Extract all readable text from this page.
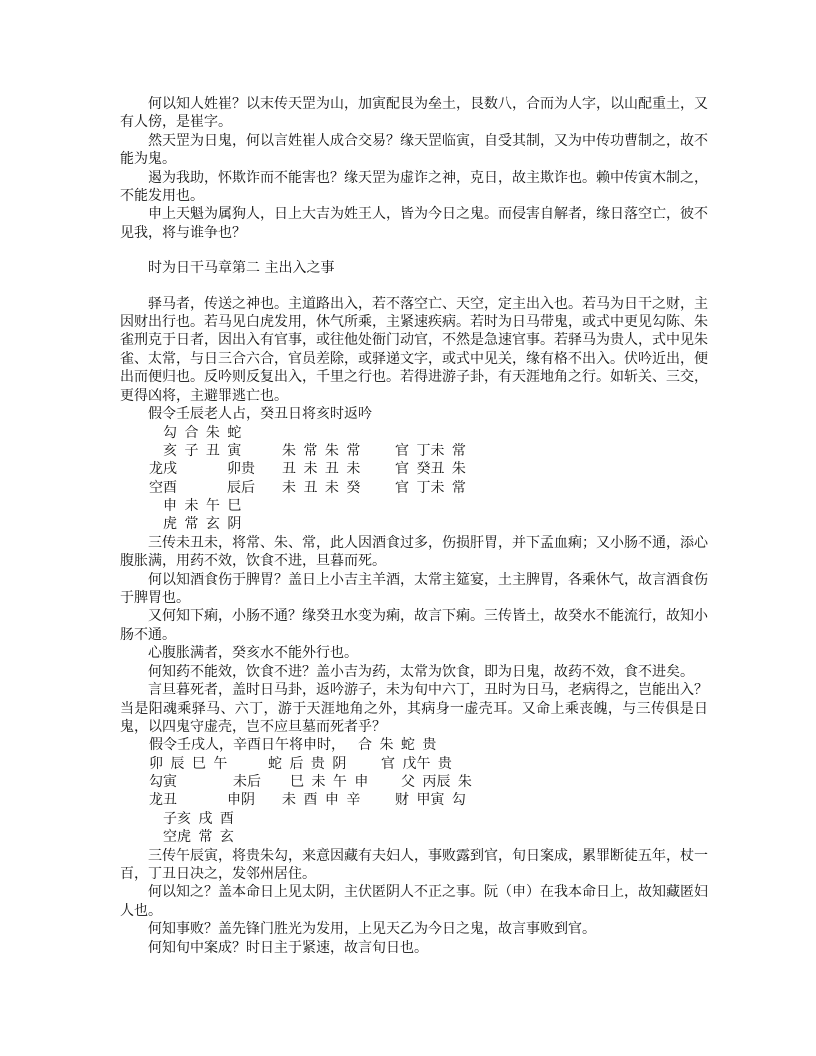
何以知人姓崔？以末传天罡为山，加寅配艮为垒土，艮数八，合而为人字，以山配重土，又有人傍，是崔字。

然天罡为日鬼，何以言姓崔人成合交易？缘天罡临寅，自受其制，又为中传功曹制之，故不能为鬼。

遏为我助，怀欺诈而不能害也？缘天罡为虚诈之神，克日，故主欺诈也。赖中传寅木制之，不能发用也。

申上天魁为属狗人，日上大吉为姓王人，皆为今日之鬼。而侵害自解者，缘日落空亡，彼不见我，将与谁争也？

时为日干马章第二 主出入之事

驿马者，传送之神也。主道路出入，若不落空亡、天空，定主出入也。若马为日干之财，主因财出行也。若马见白虎发用，休气所乘，主紧速疾病。若时为日马带鬼，或式中更见勾陈、朱雀刑克于日者，因出入有官事，或往他处衙门动官，不然是急速官事。若驿马为贵人，式中见朱雀、太常，与日三合六合，官员差除，或驿递文字，或式中见关，缘有格不出入。伏吟近出，便出而便归也。反吟则反复出入，千里之行也。若得进游子卦，有天涯地角之行。如斩关、三交，更得凶将，主避罪逃亡也。

假令壬辰老人占，癸丑日将亥时返吟

勾 合 朱 蛇
亥 子 丑 寅	朱 常 朱 常 官 丁未 常
龙戌	卯贵 丑 未 丑 未 官 癸丑 朱
空酉	辰后 未 丑 未 癸 官 丁未 常
申 未 午 巳
虎 常 玄 阴

三传未丑未，将常、朱、常，此人因酒食过多，伤损肝胃，并下孟血痢；又小肠不通，添心腹胀满，用药不效，饮食不进，旦暮而死。

何以知酒食伤于脾胃？盖日上小吉主羊酒，太常主筵宴，土主脾胃，各乘休气，故言酒食伤于脾胃也。

又何知下痢，小肠不通？缘癸丑水变为痢，故言下痢。三传皆土，故癸水不能流行，故知小肠不通。

心腹胀满者，癸亥水不能外行也。

何知药不能效，饮食不进？盖小吉为药，太常为饮食，即为日鬼，故药不效，食不进矣。

言旦暮死者，盖时日马卦，返吟游子，未为旬中六丁，丑时为日马，老病得之，岂能出入？当是阳魂乘驿马、六丁，游于天涯地角之外，其病身一虚壳耳。又命上乘丧魄，与三传俱是日鬼，以四鬼守虚壳，岂不应旦墓而死者乎？

假令壬戌人，辛酉日午将申时，

合 朱 蛇 贵

卯 辰 巳 午	蛇 后 贵 阴 官 戊午 贵
勾寅	未后 巳 未 午 申 父 丙辰 朱
龙丑	申阴 未 酉 申 辛 财 甲寅 勾
子亥 戌 酉
空虎 常 玄

三传午辰寅，将贵朱勾，来意因藏有夫妇人，事败露到官，旬日案成，累罪断徒五年，杖一百，丁丑日决之，发邻州居住。

何以知之？盖本命日上见太阴，主伏匿阴人不正之事。阮（申）在我本命日上，故知藏匿妇人也。

何知事败？盖先锋门胜光为发用，上见天乙为今日之鬼，故言事败到官。

何知旬中案成？时日主于紧速，故言旬日也。
